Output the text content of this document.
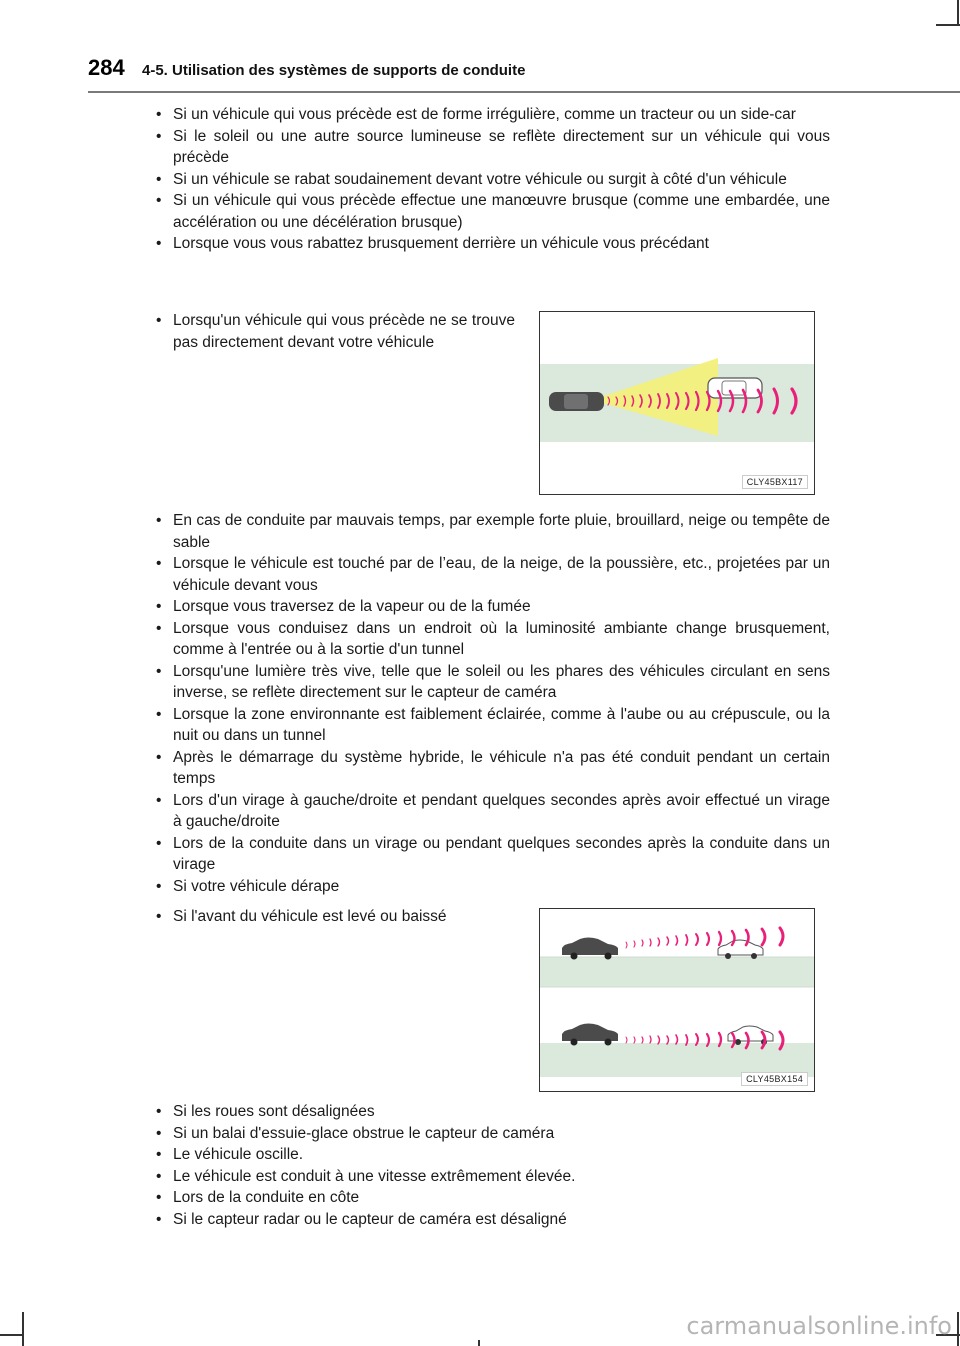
284 4-5. Utilisation des systèmes de supports de conduite
• Si un véhicule qui vous précède est de forme irrégulière, comme un tracteur ou un side-car
• Si le soleil ou une autre source lumineuse se reflète directement sur un véhicule qui vous précède
• Si un véhicule se rabat soudainement devant votre véhicule ou surgit à côté d'un véhicule
• Si un véhicule qui vous précède effectue une manœuvre brusque (comme une embardée, une accélération ou une décélération brusque)
• Lorsque vous vous rabattez brusquement derrière un véhicule vous précédant
• Lorsqu'un véhicule qui vous précède ne se trouve pas directement devant votre véhicule
CLY45BX117
• En cas de conduite par mauvais temps, par exemple forte pluie, brouillard, neige ou tempête de sable
• Lorsque le véhicule est touché par de l’eau, de la neige, de la poussière, etc., projetées par un véhicule devant vous
• Lorsque vous traversez de la vapeur ou de la fumée
• Lorsque vous conduisez dans un endroit où la luminosité ambiante change brusquement, comme à l'entrée ou à la sortie d'un tunnel
• Lorsqu'une lumière très vive, telle que le soleil ou les phares des véhicules circulant en sens inverse, se reflète directement sur le capteur de caméra
• Lorsque la zone environnante est faiblement éclairée, comme à l'aube ou au crépuscule, ou la nuit ou dans un tunnel
• Après le démarrage du système hybride, le véhicule n'a pas été conduit pendant un certain temps
• Lors d'un virage à gauche/droite et pendant quelques secondes après avoir effectué un virage à gauche/droite
• Lors de la conduite dans un virage ou pendant quelques secondes après la conduite dans un virage
• Si votre véhicule dérape
• Si l'avant du véhicule est levé ou baissé
CLY45BX154
• Si les roues sont désalignées
• Si un balai d'essuie-glace obstrue le capteur de caméra
• Le véhicule oscille.
• Le véhicule est conduit à une vitesse extrêmement élevée.
• Lors de la conduite en côte
• Si le capteur radar ou le capteur de caméra est désaligné
carmanualsonline.info
